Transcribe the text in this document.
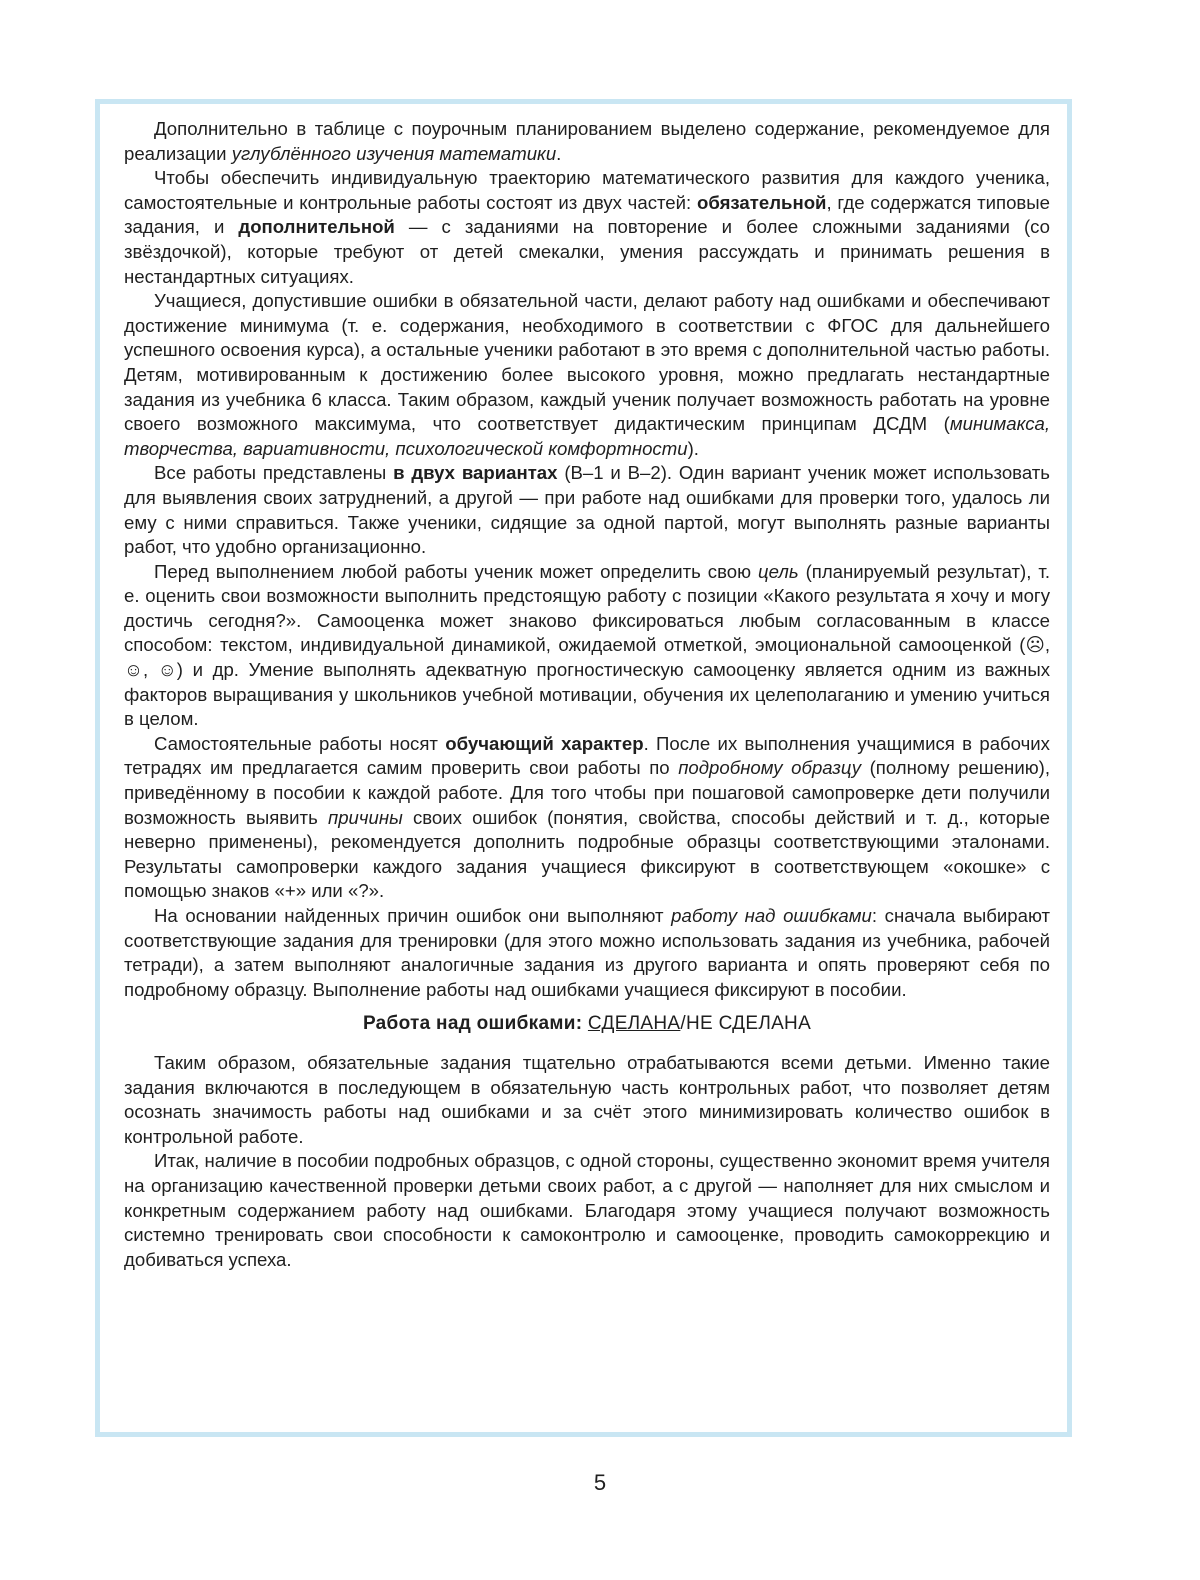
Дополнительно в таблице с поурочным планированием выделено содержание, рекомендуемое для реализации углублённого изучения математики.

Чтобы обеспечить индивидуальную траекторию математического развития для каждого ученика, самостоятельные и контрольные работы состоят из двух частей: обязательной, где содержатся типовые задания, и дополнительной — с заданиями на повторение и более сложными заданиями (со звёздочкой), которые требуют от детей смекалки, умения рассуждать и принимать решения в нестандартных ситуациях.

Учащиеся, допустившие ошибки в обязательной части, делают работу над ошибками и обеспечивают достижение минимума (т. е. содержания, необходимого в соответствии с ФГОС для дальнейшего успешного освоения курса), а остальные ученики работают в это время с дополнительной частью работы. Детям, мотивированным к достижению более высокого уровня, можно предлагать нестандартные задания из учебника 6 класса. Таким образом, каждый ученик получает возможность работать на уровне своего возможного максимума, что соответствует дидактическим принципам ДСДМ (минимакса, творчества, вариативности, психологической комфортности).

Все работы представлены в двух вариантах (В–1 и В–2). Один вариант ученик может использовать для выявления своих затруднений, а другой — при работе над ошибками для проверки того, удалось ли ему с ними справиться. Также ученики, сидящие за одной партой, могут выполнять разные варианты работ, что удобно организационно.

Перед выполнением любой работы ученик может определить свою цель (планируемый результат), т. е. оценить свои возможности выполнить предстоящую работу с позиции «Какого результата я хочу и могу достичь сегодня?». Самооценка может знаково фиксироваться любым согласованным в классе способом: текстом, индивидуальной динамикой, ожидаемой отметкой, эмоциональной самооценкой (☹, ☺, ☺) и др. Умение выполнять адекватную прогностическую самооценку является одним из важных факторов выращивания у школьников учебной мотивации, обучения их целеполаганию и умению учиться в целом.

Самостоятельные работы носят обучающий характер. После их выполнения учащимися в рабочих тетрадях им предлагается самим проверить свои работы по подробному образцу (полному решению), приведённому в пособии к каждой работе. Для того чтобы при пошаговой самопроверке дети получили возможность выявить причины своих ошибок (понятия, свойства, способы действий и т. д., которые неверно применены), рекомендуется дополнить подробные образцы соответствующими эталонами. Результаты самопроверки каждого задания учащиеся фиксируют в соответствующем «окошке» с помощью знаков «+» или «?».

На основании найденных причин ошибок они выполняют работу над ошибками: сначала выбирают соответствующие задания для тренировки (для этого можно использовать задания из учебника, рабочей тетради), а затем выполняют аналогичные задания из другого варианта и опять проверяют себя по подробному образцу. Выполнение работы над ошибками учащиеся фиксируют в пособии.

Работа над ошибками: СДЕЛАНА/НЕ СДЕЛАНА

Таким образом, обязательные задания тщательно отрабатываются всеми детьми. Именно такие задания включаются в последующем в обязательную часть контрольных работ, что позволяет детям осознать значимость работы над ошибками и за счёт этого минимизировать количество ошибок в контрольной работе.

Итак, наличие в пособии подробных образцов, с одной стороны, существенно экономит время учителя на организацию качественной проверки детьми своих работ, а с другой — наполняет для них смыслом и конкретным содержанием работу над ошибками. Благодаря этому учащиеся получают возможность системно тренировать свои способности к самоконтролю и самооценке, проводить самокоррекцию и добиваться успеха.

5
